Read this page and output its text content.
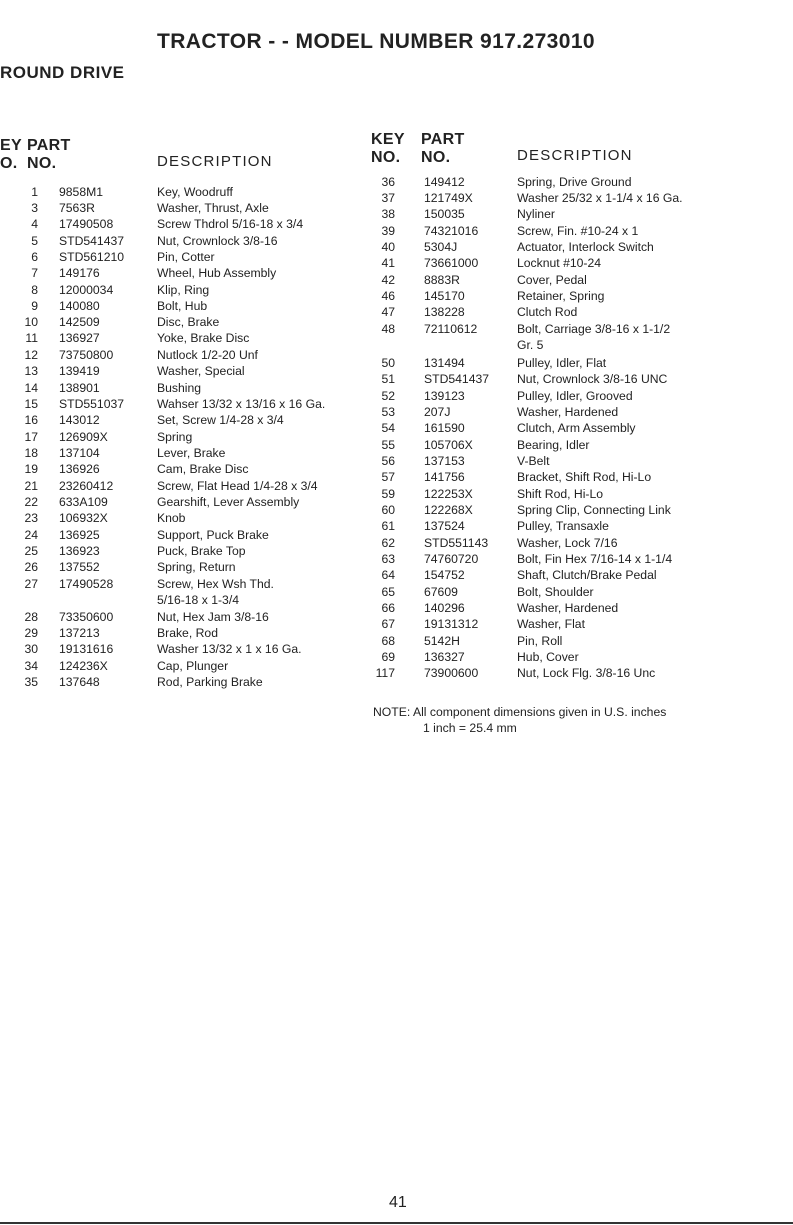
TRACTOR - - MODEL NUMBER 917.273010
ROUND DRIVE
EY
O.
PART
NO.	DESCRIPTION
KEY
NO.
PART
NO.	DESCRIPTION
1 9858M1	Key, Woodruff
3 7563R	Washer, Thrust, Axle
4 17490508	Screw Thdrol 5/16-18 x 3/4
5 STD541437	Nut, Crownlock 3/8-16
6 STD561210	Pin, Cotter
7 149176	Wheel, Hub Assembly
8 12000034	Klip, Ring
9 140080	Bolt, Hub
10 142509	Disc, Brake
11 136927	Yoke, Brake Disc
12 73750800	Nutlock 1/2-20 Unf
13 139419	Washer, Special
14 138901	Bushing
15 STD551037	Wahser 13/32 x 13/16 x 16 Ga.
16 143012	Set, Screw 1/4-28 x 3/4
17 126909X	Spring
18 137104	Lever, Brake
19 136926	Cam, Brake Disc
21 23260412	Screw, Flat Head 1/4-28 x 3/4
22 633A109	Gearshift, Lever Assembly
23 106932X	Knob
24 136925	Support, Puck Brake
25 136923	Puck, Brake Top
26 137552	Spring, Return
27 17490528	Screw, Hex Wsh Thd.
5/16-18 x 1-3/4
28 73350600	Nut, Hex Jam 3/8-16
29 137213	Brake, Rod
30 19131616	Washer 13/32 x 1 x 16 Ga.
34 124236X	Cap, Plunger
35 137648	Rod, Parking Brake
36 149412	Spring, Drive Ground
37 121749X	Washer 25/32 x 1-1/4 x 16 Ga.
38 150035	Nyliner
39 74321016	Screw, Fin. #10-24 x 1
40 5304J	Actuator, Interlock Switch
41 73661000	Locknut #10-24
42 8883R	Cover, Pedal
46 145170	Retainer, Spring
47 138228	Clutch Rod
48 72110612	Bolt, Carriage 3/8-16 x 1-1/2
Gr. 5
50 131494	Pulley, Idler, Flat
51 STD541437 Nut, Crownlock 3/8-16 UNC
52 139123	Pulley, Idler, Grooved
53 207J	Washer, Hardened
54 161590	Clutch, Arm Assembly
55 105706X	Bearing, Idler
56 137153	V-Belt
57 141756	Bracket, Shift Rod, Hi-Lo
59 122253X	Shift Rod, Hi-Lo
60 122268X	Spring Clip, Connecting Link
61 137524	Pulley, Transaxle
62 STD551143 Washer, Lock 7/16
63 74760720	Bolt, Fin Hex 7/16-14 x 1-1/4
64 154752	Shaft, Clutch/Brake Pedal
65 67609	Bolt, Shoulder
66 140296	Washer, Hardened
67 19131312	Washer, Flat
68 5142H	Pin, Roll
69 136327	Hub, Cover
117 73900600	Nut, Lock Flg. 3/8-16 Unc
NOTE: All component dimensions given in U.S. inches
1 inch = 25.4 mm
41
